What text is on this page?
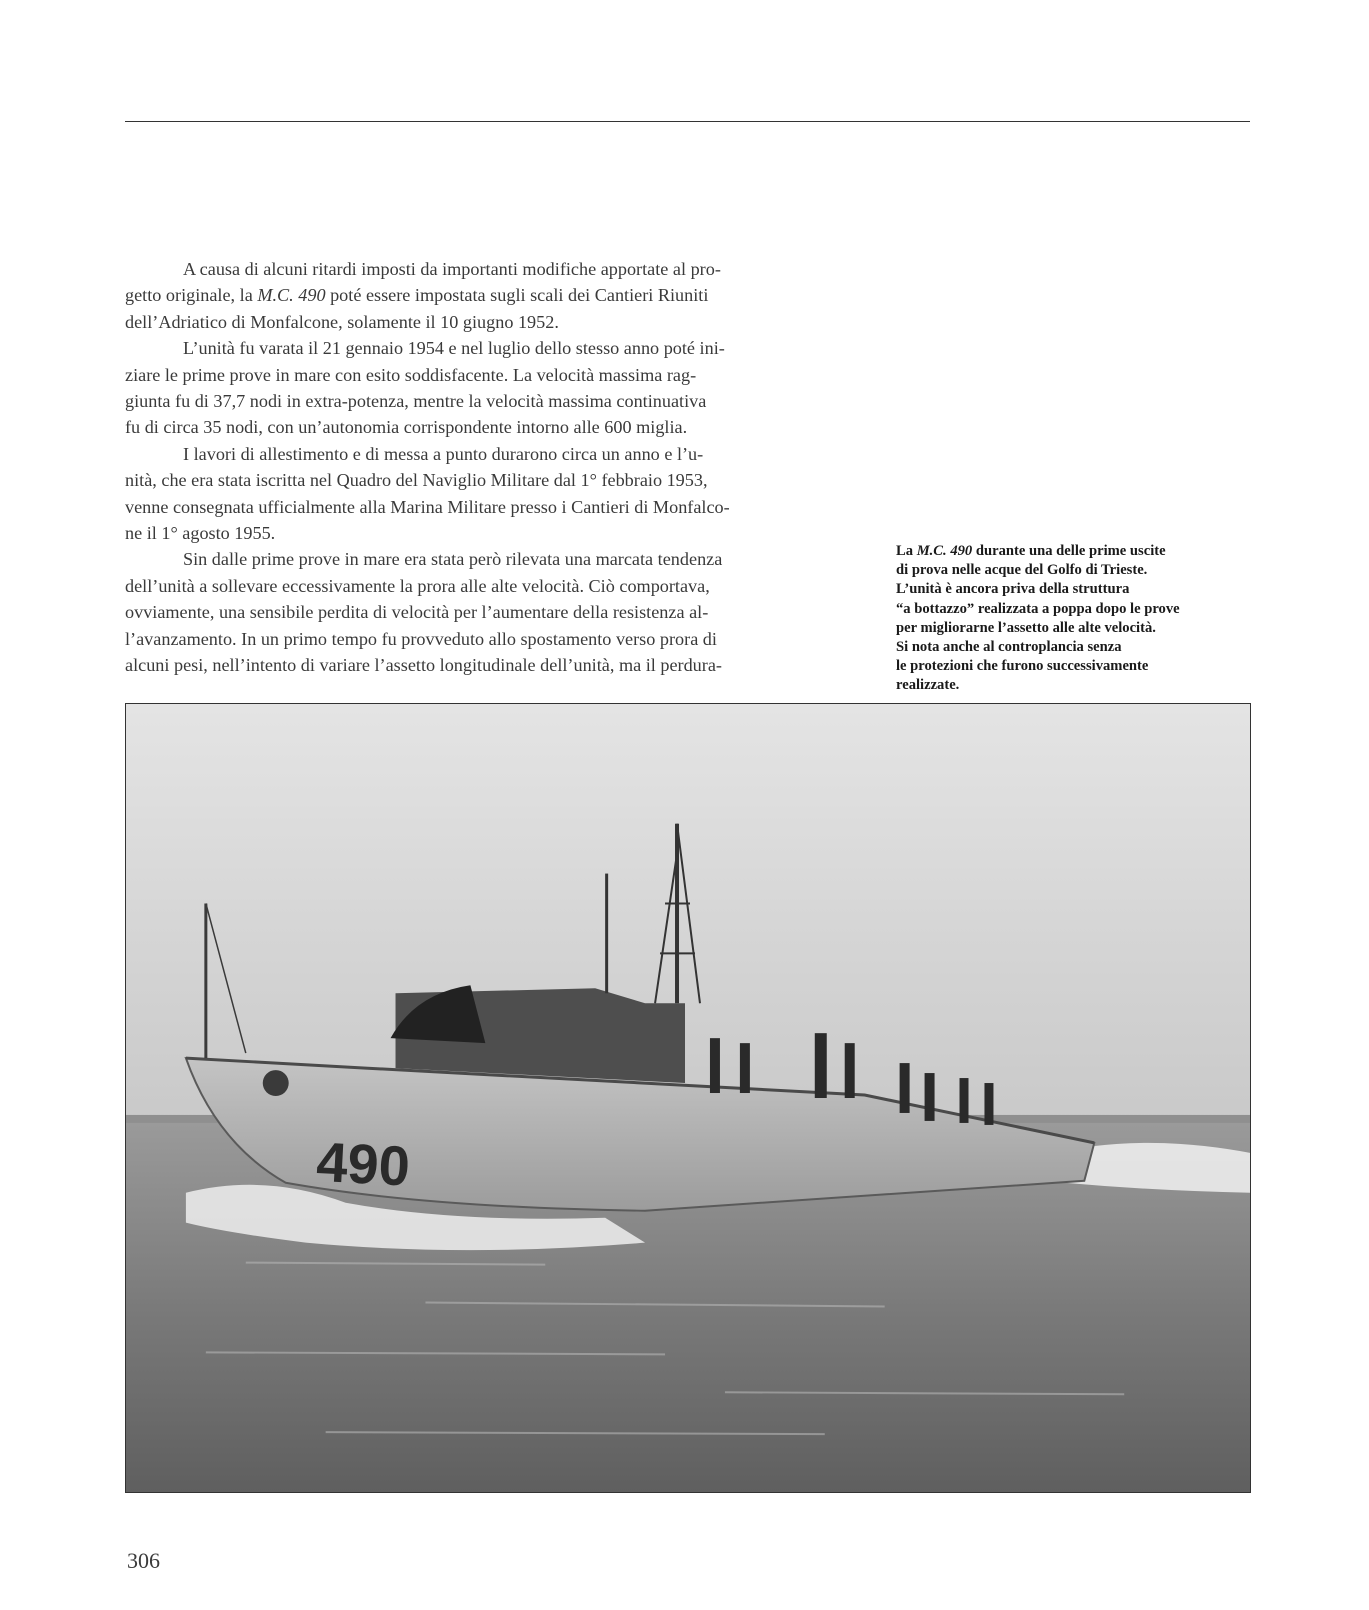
A causa di alcuni ritardi imposti da importanti modifiche apportate al pro-
getto originale, la M.C. 490 poté essere impostata sugli scali dei Cantieri Riuniti
dell’Adriatico di Monfalcone, solamente il 10 giugno 1952.

L’unità fu varata il 21 gennaio 1954 e nel luglio dello stesso anno poté ini-
ziare le prime prove in mare con esito soddisfacente. La velocità massima rag-
giunta fu di 37,7 nodi in extra-potenza, mentre la velocità massima continuativa
fu di circa 35 nodi, con un’autonomia corrispondente intorno alle 600 miglia.

I lavori di allestimento e di messa a punto durarono circa un anno e l’u-
nità, che era stata iscritta nel Quadro del Naviglio Militare dal 1° febbraio 1953,
venne consegnata ufficialmente alla Marina Militare presso i Cantieri di Monfalco-
ne il 1° agosto 1955.

Sin dalle prime prove in mare era stata però rilevata una marcata tendenza
dell’unità a sollevare eccessivamente la prora alle alte velocità. Ciò comportava,
ovviamente, una sensibile perdita di velocità per l’aumentare della resistenza al-
l’avanzamento. In un primo tempo fu provveduto allo spostamento verso prora di
alcuni pesi, nell’intento di variare l’assetto longitudinale dell’unità, ma il perdura-

La M.C. 490 durante una delle prime uscite
di prova nelle acque del Golfo di Trieste.
L’unità è ancora priva della struttura
“a bottazzo” realizzata a poppa dopo le prove
per migliorarne l’assetto alle alte velocità.
Si nota anche al controplancia senza
le protezioni che furono successivamente
realizzate.
490
306
